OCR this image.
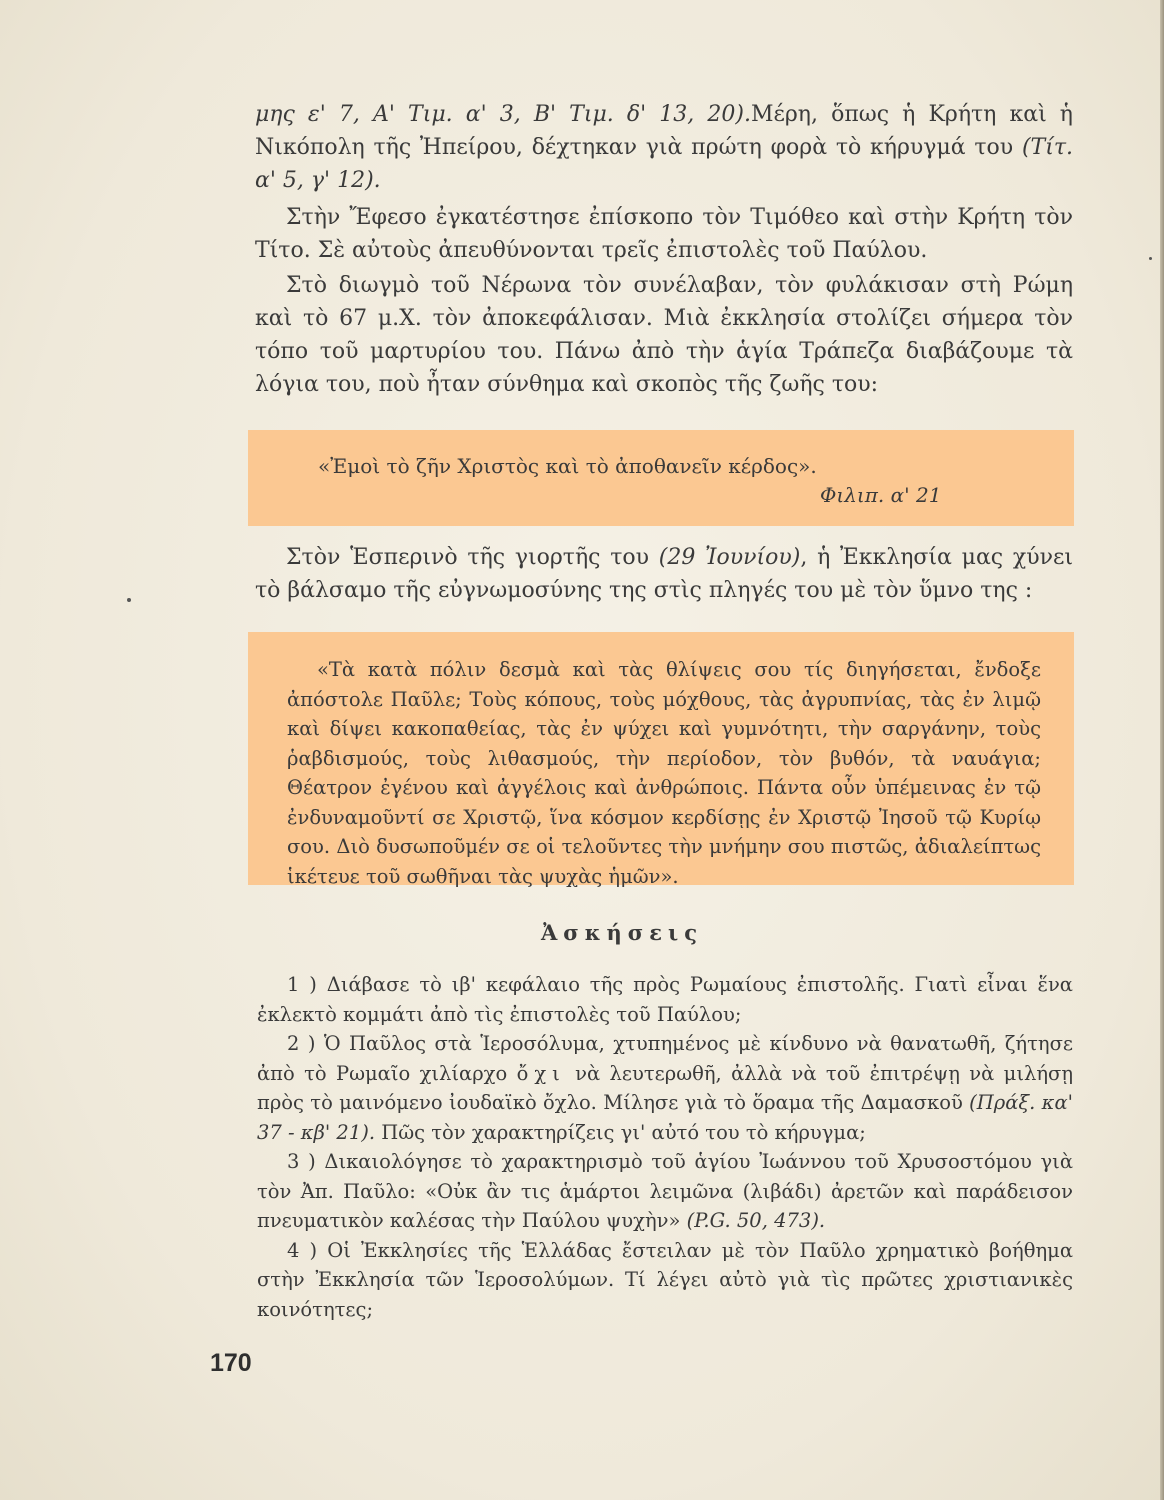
μης ε' 7, Α' Τιμ. α' 3, Β' Τιμ. δ' 13, 20).Μέρη, ὅπως ἡ Κρήτη καὶ ἡ Νικόπολη τῆς Ἠπείρου, δέχτηκαν γιὰ πρώτη φορὰ τὸ κήρυγμά του (Τίτ. α' 5, γ' 12).

Στὴν Ἔφεσο ἐγκατέστησε ἐπίσκοπο τὸν Τιμόθεο καὶ στὴν Κρήτη τὸν Τίτο. Σὲ αὐτοὺς ἀπευθύνονται τρεῖς ἐπιστολὲς τοῦ Παύλου.

Στὸ διωγμὸ τοῦ Νέρωνα τὸν συνέλαβαν, τὸν φυλάκισαν στὴ Ρώμη καὶ τὸ 67 μ.Χ. τὸν ἀποκεφάλισαν. Μιὰ ἐκκλησία στολίζει σήμερα τὸν τόπο τοῦ μαρτυρίου του. Πάνω ἀπὸ τὴν ἁγία Τράπεζα διαβάζουμε τὰ λόγια του, ποὺ ἦταν σύνθημα καὶ σκοπὸς τῆς ζωῆς του:

«Ἐμοὶ τὸ ζῆν Χριστὸς καὶ τὸ ἀποθανεῖν κέρδος».
Φιλιπ. α' 21

Στὸν Ἑσπερινὸ τῆς γιορτῆς του (29 Ἰουνίου), ἡ Ἐκκλησία μας χύνει τὸ βάλσαμο τῆς εὐγνωμοσύνης της στὶς πληγές του μὲ τὸν ὕμνο της :

«Τὰ κατὰ πόλιν δεσμὰ καὶ τὰς θλίψεις σου τίς διηγήσεται, ἔνδοξε ἀπόστολε Παῦλε; Τοὺς κόπους, τοὺς μόχθους, τὰς ἀγρυπνίας, τὰς ἐν λιμῷ καὶ δίψει κακοπαθείας, τὰς ἐν ψύχει καὶ γυμνότητι, τὴν σαργάνην, τοὺς ῥαβδισμούς, τοὺς λιθασμούς, τὴν περίοδον, τὸν βυθόν, τὰ ναυάγια; Θέατρον ἐγένου καὶ ἀγγέλοις καὶ ἀνθρώποις. Πάντα οὖν ὑπέμεινας ἐν τῷ ἐνδυναμοῦντί σε Χριστῷ, ἵνα κόσμον κερδίσῃς ἐν Χριστῷ Ἰησοῦ τῷ Κυρίῳ σου. Διὸ δυσωποῦμέν σε οἱ τελοῦντες τὴν μνήμην σου πιστῶς, ἀδιαλείπτως ἱκέτευε τοῦ σωθῆναι τὰς ψυχὰς ἡμῶν».

Ἀσκήσεις

1 ) Διάβασε τὸ ιβ' κεφάλαιο τῆς πρὸς Ρωμαίους ἐπιστολῆς. Γιατὶ εἶναι ἕνα ἐκλεκτὸ κομμάτι ἀπὸ τὶς ἐπιστολὲς τοῦ Παύλου;

2 ) Ὁ Παῦλος στὰ Ἱεροσόλυμα, χτυπημένος μὲ κίνδυνο νὰ θανατωθῆ, ζήτησε ἀπὸ τὸ Ρωμαῖο χιλίαρχο ὄχι νὰ λευτερωθῆ, ἀλλὰ νὰ τοῦ ἐπιτρέψῃ νὰ μιλήσῃ πρὸς τὸ μαινόμενο ἰουδαϊκὸ ὄχλο. Μίλησε γιὰ τὸ ὅραμα τῆς Δαμασκοῦ (Πράξ. κα' 37 - κβ' 21). Πῶς τὸν χαρακτηρίζεις γι' αὐτό του τὸ κήρυγμα;

3 ) Δικαιολόγησε τὸ χαρακτηρισμὸ τοῦ ἁγίου Ἰωάννου τοῦ Χρυσοστόμου γιὰ τὸν Ἀπ. Παῦλο: «Οὐκ ἂν τις ἁμάρτοι λειμῶνα (λιβάδι) ἀρετῶν καὶ παράδεισον πνευματικὸν καλέσας τὴν Παύλου ψυχὴν» (P.G. 50, 473).

4 ) Οἱ Ἐκκλησίες τῆς Ἑλλάδας ἔστειλαν μὲ τὸν Παῦλο χρηματικὸ βοήθημα στὴν Ἐκκλησία τῶν Ἱεροσολύμων. Τί λέγει αὐτὸ γιὰ τὶς πρῶτες χριστιανικὲς κοινότητες;

170
